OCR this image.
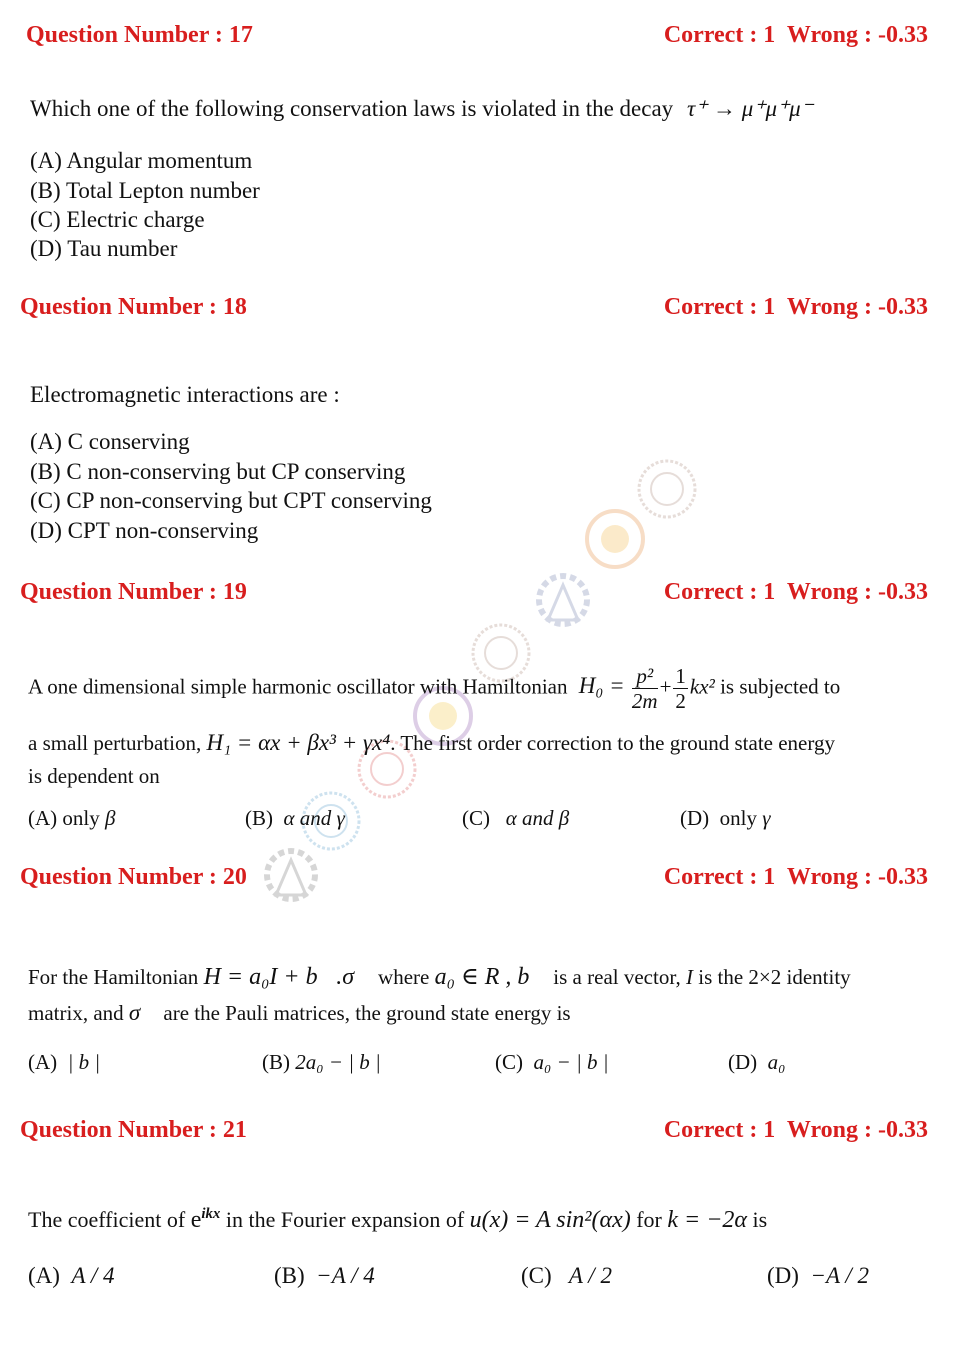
Question Number : 17	Correct : 1  Wrong : -0.33
Which one of the following conservation laws is violated in the decay τ⁺ → μ⁺μ⁺μ⁻
(A) Angular momentum
(B) Total Lepton number
(C) Electric charge
(D) Tau number
Question Number : 18	Correct : 1  Wrong : -0.33
Electromagnetic interactions are :
(A) C conserving
(B) C non-conserving but CP conserving
(C) CP non-conserving but CPT conserving
(D) CPT non-conserving
Question Number : 19	Correct : 1  Wrong : -0.33
A one dimensional simple harmonic oscillator with Hamiltonian $H_0 = \frac{\text{p²}}{2m} + \frac{1}{2} kx^2$ is subjected to
a small perturbation, H₁ = αx + βx³ + γx⁴. The first order correction to the ground state energy
is dependent on
(A) only β	(B) α and γ	(C) α and β	(D) only γ
Question Number : 20	Correct : 1  Wrong : -0.33
For the Hamiltonian H = a₀I + b⃗.σ⃗ where a₀ ∈ R , b⃗ is a real vector, I is the 2×2 identity
matrix, and σ⃗ are the Pauli matrices, the ground state energy is
(A) | b |	(B) 2a₀ − | b |	(C) a₀ − | b |	(D) a₀
Question Number : 21	Correct : 1  Wrong : -0.33
The coefficient of $e^{ikx}$ in the Fourier expansion of u(x) = A sin²(αx) for k = −2α is
(A) A / 4	(B) −A / 4	(C) A / 2	(D) −A / 2
